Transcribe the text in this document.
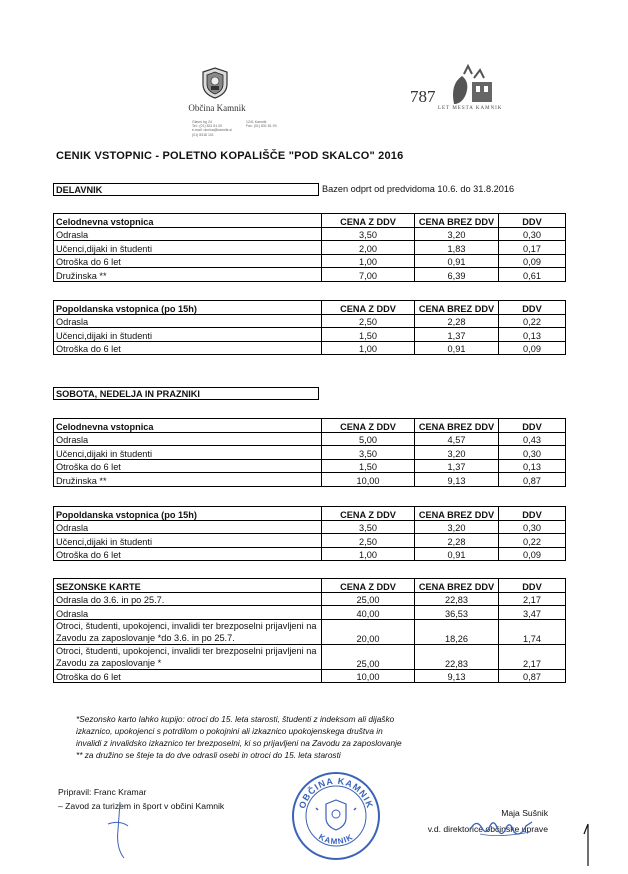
Občina Kamnik
Glavni trg 24
Tel.: (01) 831 81 00
e-mail: obcina@kamnik.si
(01) 8318 101
1241 Kamnik
Fax: (01) 831 81 93
787
LET MESTA KAMNIK
CENIK VSTOPNIC - POLETNO KOPALIŠČE "POD SKALCO" 2016
DELAVNIK	Bazen odprt od predvidoma 10.6. do 31.8.2016
Celodnevna vstopnica	CENA Z DDV	CENA BREZ DDV	DDV
Odrasla	3,50	3,20	0,30
Učenci,dijaki in študenti	2,00	1,83	0,17
Otroška do 6 let	1,00	0,91	0,09
Družinska **	7,00	6,39	0,61
Popoldanska vstopnica (po 15h)	CENA Z DDV	CENA BREZ DDV	DDV
Odrasla	2,50	2,28	0,22
Učenci,dijaki in študenti	1,50	1,37	0,13
Otroška do 6 let	1,00	0,91	0,09
SOBOTA, NEDELJA IN PRAZNIKI
Celodnevna vstopnica	CENA Z DDV	CENA BREZ DDV	DDV
Odrasla	5,00	4,57	0,43
Učenci,dijaki in študenti	3,50	3,20	0,30
Otroška do 6 let	1,50	1,37	0,13
Družinska **	10,00	9,13	0,87
Popoldanska vstopnica (po 15h)	CENA Z DDV	CENA BREZ DDV	DDV
Odrasla	3,50	3,20	0,30
Učenci,dijaki in študenti	2,50	2,28	0,22
Otroška do 6 let	1,00	0,91	0,09
SEZONSKE KARTE	CENA Z DDV	CENA BREZ DDV	DDV
Odrasla do 3.6. in po 25.7.	25,00	22,83	2,17
Odrasla	40,00	36,53	3,47
Otroci, študenti, upokojenci, invalidi ter brezposelni prijavljeni na Zavodu za zaposlovanje *do 3.6. in po 25.7.	20,00	18,26	1,74
Otroci, študenti, upokojenci, invalidi ter brezposelni prijavljeni na Zavodu za zaposlovanje *	25,00	22,83	2,17
Otroška do 6 let	10,00	9,13	0,87
*Sezonsko karto lahko kupijo: otroci do 15. leta starosti, študenti z indeksom ali dijaško izkaznico, upokojenci s potrdilom o pokojnini ali izkaznico upokojenskega društva in invalidi z invalidsko izkaznico ter brezposelni, ki so prijavljeni na Zavodu za zaposlovanje
** za družino se šteje ta do dve odrasli osebi in otroci do 15. leta starosti
Pripravil: Franc Kramar
– Zavod za turizem in šport v občini Kamnik	OBČINA KAMNIK
KAMNIK
Maja Sušnik
v.d. direktorice občinske uprave
